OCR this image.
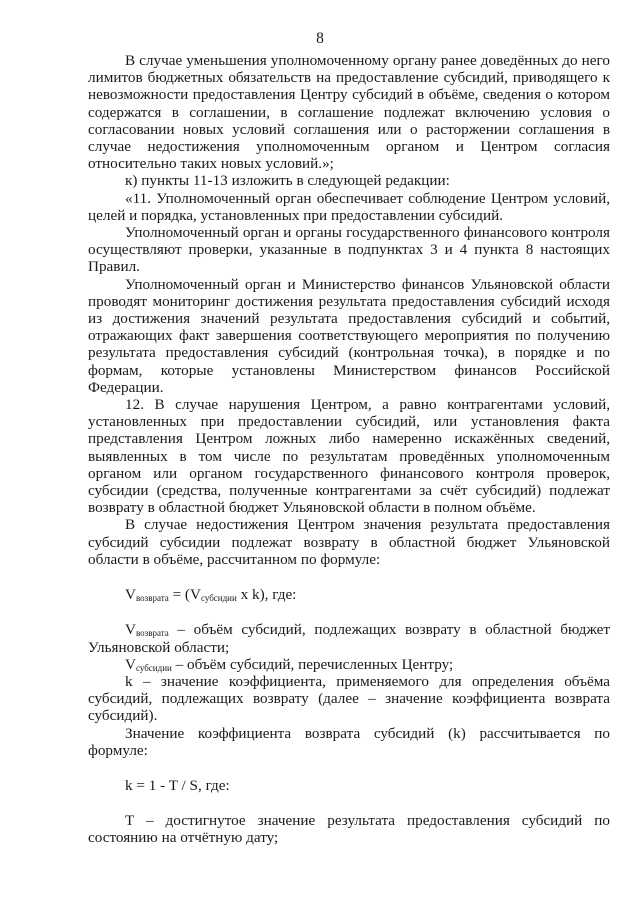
8

В случае уменьшения уполномоченному органу ранее доведённых до него лимитов бюджетных обязательств на предоставление субсидий, приводящего к невозможности предоставления Центру субсидий в объёме, сведения о котором содержатся в соглашении, в соглашение подлежат включению условия о согласовании новых условий соглашения или о расторжении соглашения в случае недостижения уполномоченным органом и Центром согласия относительно таких новых условий.»;

к) пункты 11-13 изложить в следующей редакции:

«11. Уполномоченный орган обеспечивает соблюдение Центром условий, целей и порядка, установленных при предоставлении субсидий.

Уполномоченный орган и органы государственного финансового контроля осуществляют проверки, указанные в подпунктах 3 и 4 пункта 8 настоящих Правил.

Уполномоченный орган и Министерство финансов Ульяновской области проводят мониторинг достижения результата предоставления субсидий исходя из достижения значений результата предоставления субсидий и событий, отражающих факт завершения соответствующего мероприятия по получению результата предоставления субсидий (контрольная точка), в порядке и по формам, которые установлены Министерством финансов Российской Федерации.

12. В случае нарушения Центром, а равно контрагентами условий, установленных при предоставлении субсидий, или установления факта представления Центром ложных либо намеренно искажённых сведений, выявленных в том числе по результатам проведённых уполномоченным органом или органом государственного финансового контроля проверок, субсидии (средства, полученные контрагентами за счёт субсидий) подлежат возврату в областной бюджет Ульяновской области в полном объёме.

В случае недостижения Центром значения результата предоставления субсидий субсидии подлежат возврату в областной бюджет Ульяновской области в объёме, рассчитанном по формуле:

$V_{возврата} = (V_{субсидии}$ x k), где:

$V_{возврата}$ – объём субсидий, подлежащих возврату в областной бюджет Ульяновской области;

$V_{субсидии}$ – объём субсидий, перечисленных Центру;

k – значение коэффициента, применяемого для определения объёма субсидий, подлежащих возврату (далее – значение коэффициента возврата субсидий).

Значение коэффициента возврата субсидий (k) рассчитывается по формуле:

k = 1 - T / S, где:

T – достигнутое значение результата предоставления субсидий по состоянию на отчётную дату;
